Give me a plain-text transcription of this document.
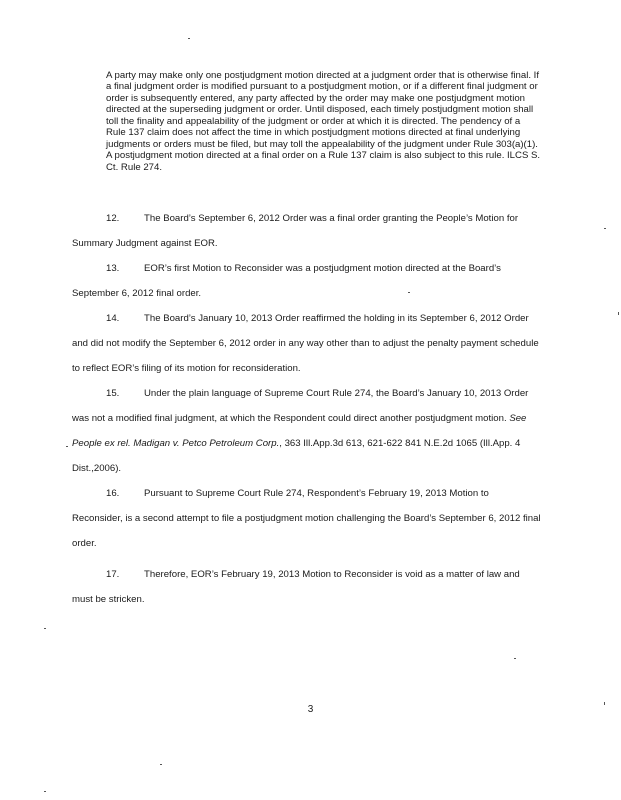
A party may make only one postjudgment motion directed at a judgment order that is otherwise final. If a final judgment order is modified pursuant to a postjudgment motion, or if a different final judgment or order is subsequently entered, any party affected by the order may make one postjudgment motion directed at the superseding judgment or order. Until disposed, each timely postjudgment motion shall toll the finality and appealability of the judgment or order at which it is directed. The pendency of a Rule 137 claim does not affect the time in which postjudgment motions directed at final underlying judgments or orders must be filed, but may toll the appealability of the judgment under Rule 303(a)(1). A postjudgment motion directed at a final order on a Rule 137 claim is also subject to this rule. ILCS S. Ct. Rule 274.

12.	The Board’s September 6, 2012 Order was a final order granting the People’s Motion for Summary Judgment against EOR.

13.	EOR’s first Motion to Reconsider was a postjudgment motion directed at the Board’s September 6, 2012 final order.

14.	The Board’s January 10, 2013 Order reaffirmed the holding in its September 6, 2012 Order and did not modify the September 6, 2012 order in any way other than to adjust the penalty payment schedule to reflect EOR’s filing of its motion for reconsideration.

15.	Under the plain language of Supreme Court Rule 274, the Board’s January 10, 2013 Order was not a modified final judgment, at which the Respondent could direct another postjudgment motion. See People ex rel. Madigan v. Petco Petroleum Corp., 363 Ill.App.3d 613, 621-622 841 N.E.2d 1065 (Ill.App. 4 Dist.,2006).

16.	Pursuant to Supreme Court Rule 274, Respondent’s February 19, 2013 Motion to Reconsider, is a second attempt to file a postjudgment motion challenging the Board’s September 6, 2012 final order.

17.	Therefore, EOR’s February 19, 2013 Motion to Reconsider is void as a matter of law and must be stricken.

3
